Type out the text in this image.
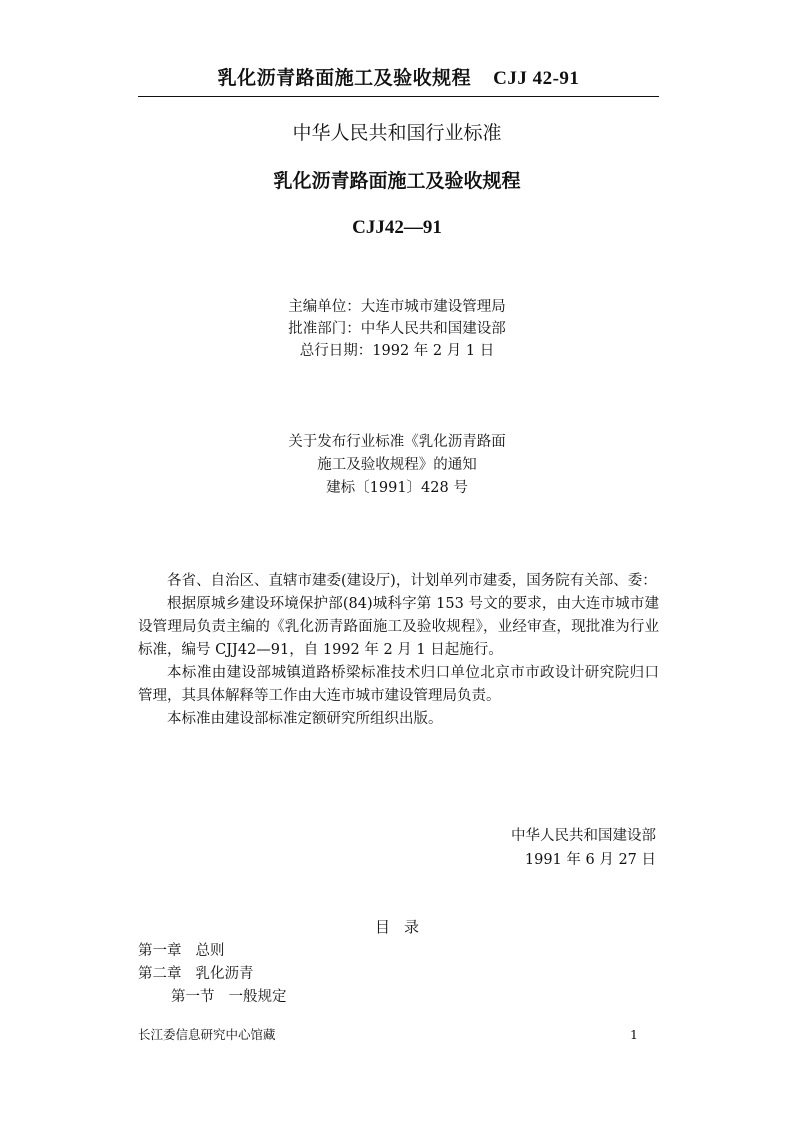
乳化沥青路面施工及验收规程 CJJ 42-91
中华人民共和国行业标准
乳化沥青路面施工及验收规程
CJJ42—91
主编单位：大连市城市建设管理局
批准部门：中华人民共和国建设部
总行日期：1992 年 2 月 1 日
关于发布行业标准《乳化沥青路面
施工及验收规程》的通知
建标〔1991〕428 号

各省、自治区、直辖市建委(建设厅)，计划单列市建委，国务院有关部、委：

根据原城乡建设环境保护部(84)城科字第 153 号文的要求，由大连市城市建设管理局负责主编的《乳化沥青路面施工及验收规程》，业经审查，现批准为行业标准，编号 CJJ42—91，自 1992 年 2 月 1 日起施行。

本标准由建设部城镇道路桥梁标准技术归口单位北京市市政设计研究院归口管理，其具体解释等工作由大连市城市建设管理局负责。

本标准由建设部标准定额研究所组织出版。

中华人民共和国建设部
1991 年 6 月 27 日
目录
第一章 总则
第二章 乳化沥青
第一节 一般规定
长江委信息研究中心馆藏	1
